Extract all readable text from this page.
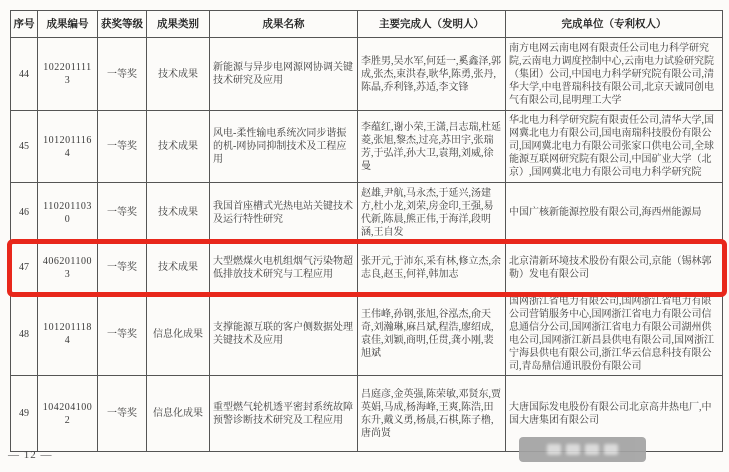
序号	成果编号	获奖等级	成果类别	成果名称	主要完成人（发明人）	完成单位（专利权人）
44	1022011113	一等奖	技术成果	新能源与异步电网源网协调关键技术研究及应用	李胜男,吴水军,何廷一,奚鑫泽,郭成,张杰,束洪春,耿华,陈勇,张丹,陈晶,乔利锋,苏适,李文锋	南方电网云南电网有限责任公司电力科学研究院,云南电力调度控制中心,云南电力试验研究院（集团）公司,中国电力科学研究院有限公司,清华大学,中电普瑞科技有限公司,北京天诚同创电气有限公司,昆明理工大学
45	1012011164	一等奖	技术成果	风电-柔性输电系统次同步谐振的机-网协同抑制技术及工程应用	李蕴红,谢小荣,王潇,吕志瑞,杜延菱,张旭,黎杰,过亮,苏田宇,张瑞芳,于弘洋,孙大卫,袁翔,刘威,徐曼	华北电力科学研究院有限责任公司,清华大学,国网冀北电力有限公司,国电南瑞科技股份有限公司,国网冀北电力有限公司张家口供电公司,全球能源互联网研究院有限公司,中国矿业大学（北京）,国网冀北电力有限公司电力科学研究院
46	1102011030	一等奖	技术成果	我国首座槽式光热电站关键技术及运行特性研究	赵雄,尹航,马永杰,于延兴,汤建方,杜小龙,刘荣,房金印,王强,易代新,陈晨,熊正伟,于海洋,段明涵,王自发	中国广核新能源控股有限公司,海西州能源局
47	4062011003	一等奖	技术成果	大型燃煤火电机组烟气污染物超低排放技术研究与工程应用	张开元,于沛东,采有林,修立杰,余志良,赵玉,何祥,韩加志	北京清新环境技术股份有限公司,京能（锡林郭勒）发电有限公司
48	1012011184	一等奖	信息化成果	支撑能源互联的客户侧数据处理关键技术及应用	王伟峰,孙钢,张旭,谷泓杰,俞天奇,刘瀚琳,麻吕斌,程浩,廖绍成,袁佳,刘颖,商明,任贯,龚小刚,裴旭斌	国网浙江省电力有限公司,国网浙江省电力有限公司营销服务中心,国网浙江省电力有限公司信息通信分公司,国网浙江省电力有限公司湖州供电公司,国网浙江新昌县供电有限公司,国网浙江宁海县供电有限公司,浙江华云信息科技有限公司,青岛鼎信通讯股份有限公司
49	1042041002	一等奖	信息化成果	重型燃气轮机透平密封系统故障预警诊断技术研究及工程应用	吕庭彦,金英强,陈荣敏,邓贤东,贾英娟,马成,杨海峰,王爽,陈浩,田东升,戴义勇,杨晨,石棋,陈子橹,唐尚贤	大唐国际发电股份有限公司北京高井热电厂,中国大唐集团有限公司
— 12 —
